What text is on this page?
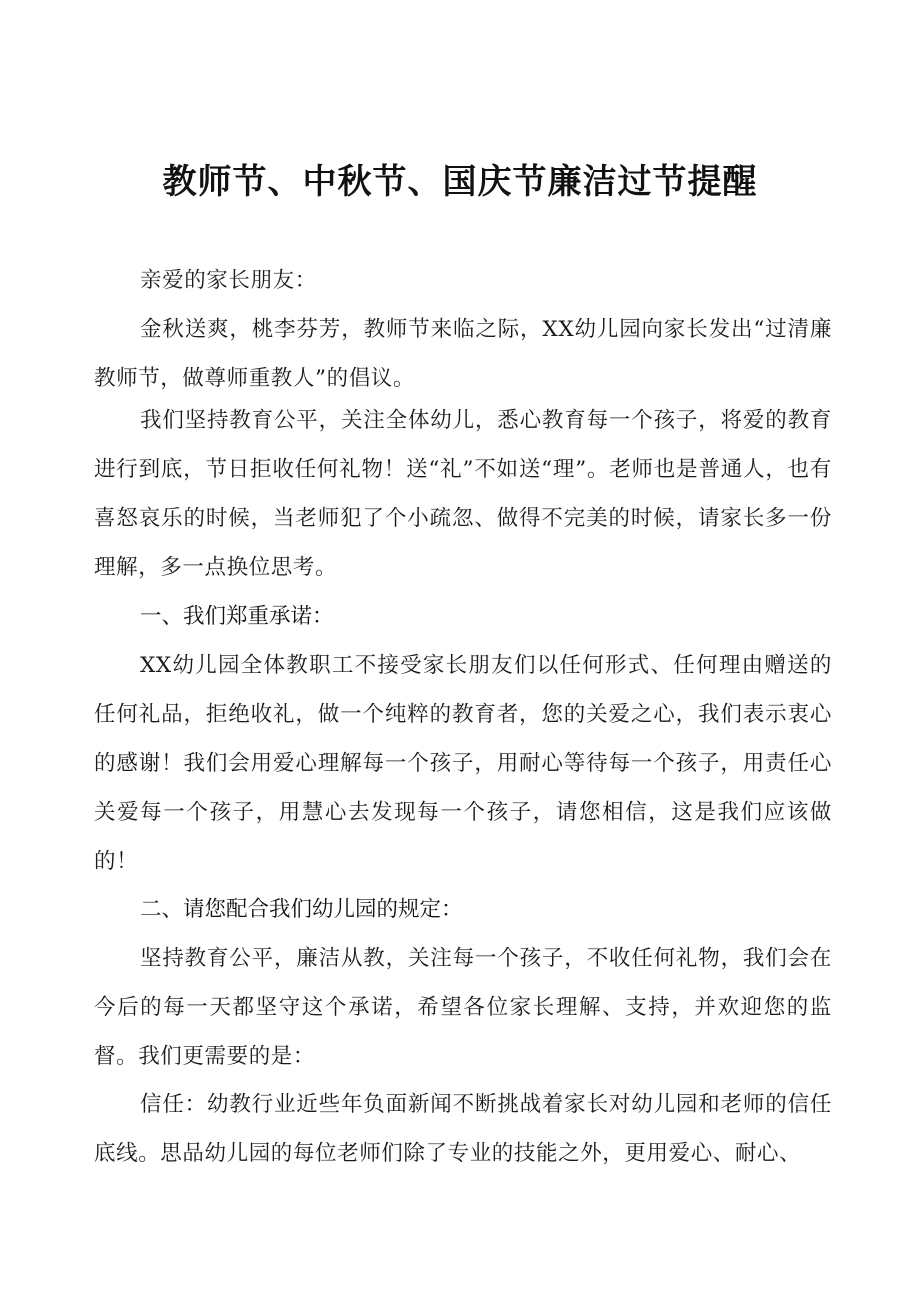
教师节、中秋节、国庆节廉洁过节提醒

亲爱的家长朋友：

金秋送爽，桃李芬芳，教师节来临之际，XX幼儿园向家长发出“过清廉教师节，做尊师重教人”的倡议。

我们坚持教育公平，关注全体幼儿，悉心教育每一个孩子，将爱的教育进行到底，节日拒收任何礼物！送“礼”不如送“理”。老师也是普通人，也有喜怒哀乐的时候，当老师犯了个小疏忽、做得不完美的时候，请家长多一份理解，多一点换位思考。

一、我们郑重承诺：

XX幼儿园全体教职工不接受家长朋友们以任何形式、任何理由赠送的任何礼品，拒绝收礼，做一个纯粹的教育者，您的关爱之心，我们表示衷心的感谢！我们会用爱心理解每一个孩子，用耐心等待每一个孩子，用责任心关爱每一个孩子，用慧心去发现每一个孩子，请您相信，这是我们应该做的！

二、请您配合我们幼儿园的规定：

坚持教育公平，廉洁从教，关注每一个孩子，不收任何礼物，我们会在今后的每一天都坚守这个承诺，希望各位家长理解、支持，并欢迎您的监督。我们更需要的是：

信任：幼教行业近些年负面新闻不断挑战着家长对幼儿园和老师的信任底线。思品幼儿园的每位老师们除了专业的技能之外，更用爱心、耐心、
